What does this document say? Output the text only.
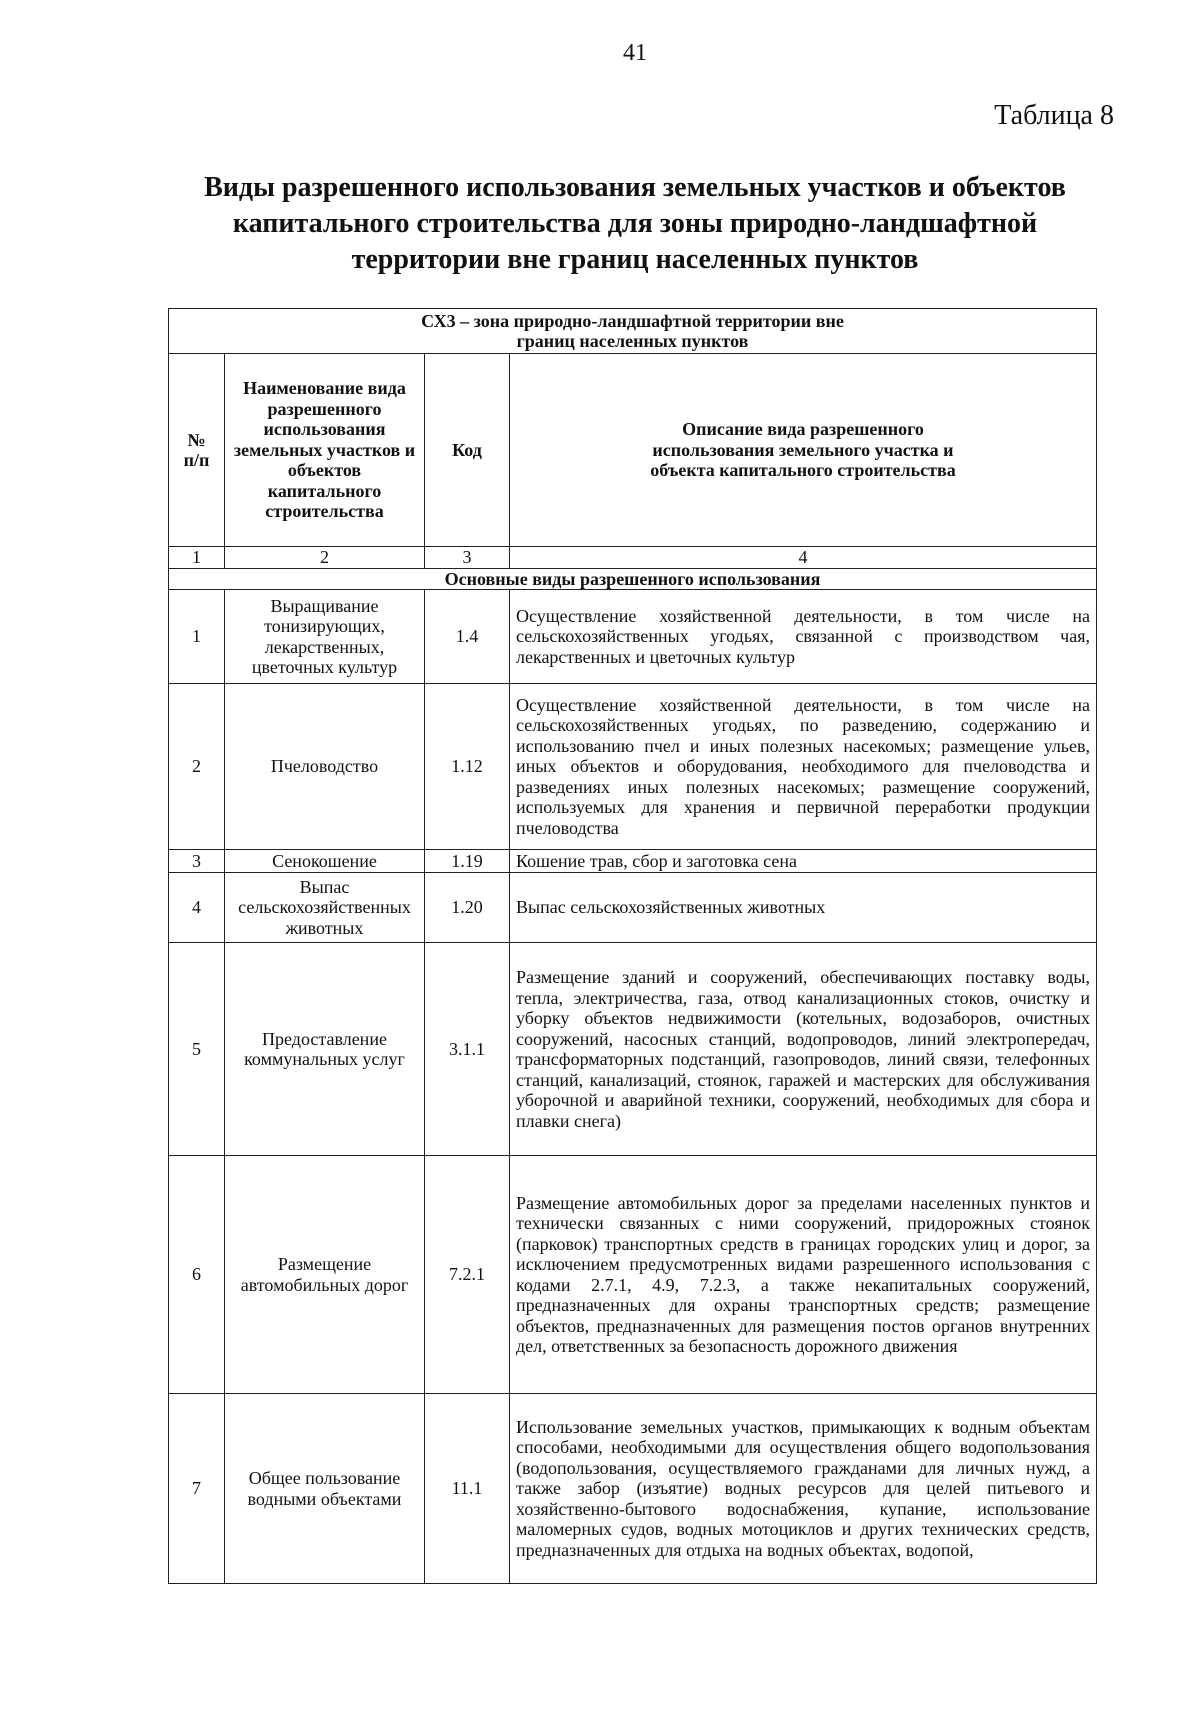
41
Таблица 8
Виды разрешенного использования земельных участков и объектов
капитального строительства для зоны природно-ландшафтной
территории вне границ населенных пунктов
СХ3 – зона природно-ландшафтной территории вне границ населенных пунктов			

№ п/п	Наименование вида разрешенного использования земельных участков и объектов капитального строительства	Код	Описание вида разрешенного использования земельного участка и объекта капитального строительства

1	2	3	4
Основные виды разрешенного использования			
1	Выращивание тонизирующих, лекарственных, цветочных культур	1.4	Осуществление хозяйственной деятельности, в том числе на сельскохозяйственных угодьях, связанной с производством чая, лекарственных и цветочных культур
2	Пчеловодство	1.12	Осуществление хозяйственной деятельности, в том числе на сельскохозяйственных угодьях, по разведению, содержанию и использованию пчел и иных полезных насекомых; размещение ульев, иных объектов и оборудования, необходимого для пчеловодства и разведениях иных полезных насекомых; размещение сооружений, используемых для хранения и первичной переработки продукции пчеловодства
3	Сенокошение	1.19	Кошение трав, сбор и заготовка сена
4	Выпас сельскохозяйственных животных	1.20	Выпас сельскохозяйственных животных
5	Предоставление коммунальных услуг	3.1.1	Размещение зданий и сооружений, обеспечивающих поставку воды, тепла, электричества, газа, отвод канализационных стоков, очистку и уборку объектов недвижимости (котельных, водозаборов, очистных сооружений, насосных станций, водопроводов, линий электропередач, трансформаторных подстанций, газопроводов, линий связи, телефонных станций, канализаций, стоянок, гаражей и мастерских для обслуживания уборочной и аварийной техники, сооружений, необходимых для сбора и плавки снега)
6	Размещение автомобильных дорог	7.2.1	Размещение автомобильных дорог за пределами населенных пунктов и технически связанных с ними сооружений, придорожных стоянок (парковок) транспортных средств в границах городских улиц и дорог, за исключением предусмотренных видами разрешенного использования с кодами 2.7.1, 4.9, 7.2.3, а также некапитальных сооружений, предназначенных для охраны транспортных средств; размещение объектов, предназначенных для размещения постов органов внутренних дел, ответственных за безопасность дорожного движения
7	Общее пользование водными объектами	11.1	Использование земельных участков, примыкающих к водным объектам способами, необходимыми для осуществления общего водопользования (водопользования, осуществляемого гражданами для личных нужд, а также забор (изъятие) водных ресурсов для целей питьевого и хозяйственно-бытового водоснабжения, купание, использование маломерных судов, водных мотоциклов и других технических средств, предназначенных для отдыха на водных объектах, водопой,
